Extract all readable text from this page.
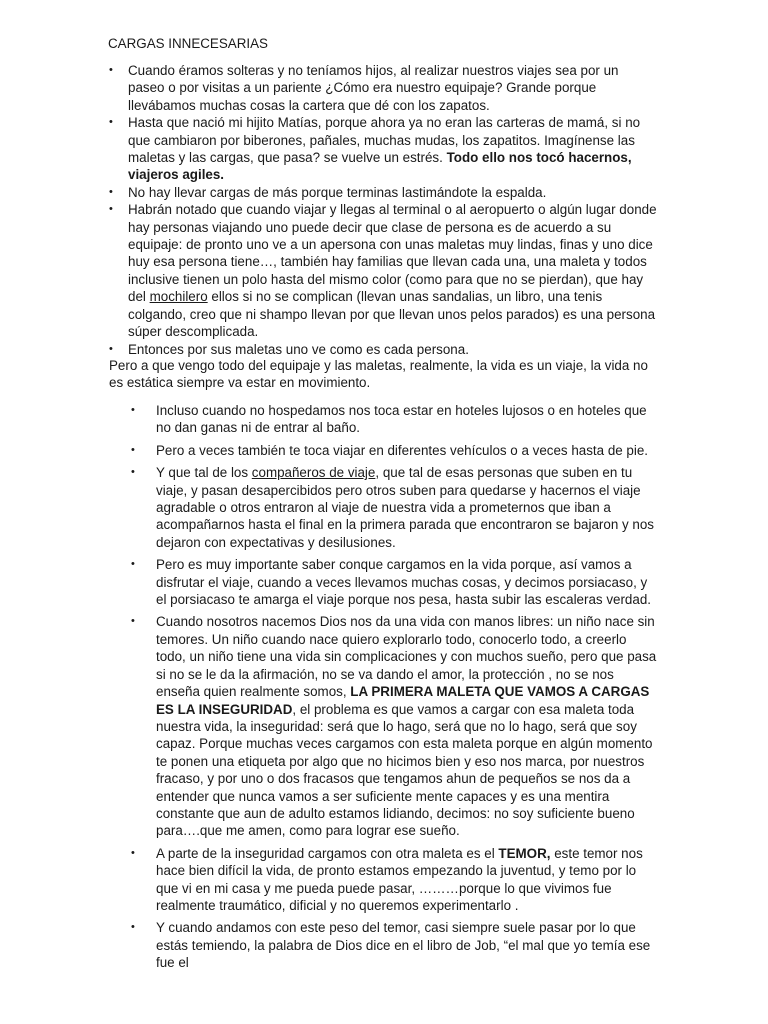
CARGAS INNECESARIAS
• Cuando éramos solteras y no teníamos hijos, al realizar nuestros viajes sea por un paseo o por visitas a un pariente ¿Cómo era nuestro equipaje? Grande porque llevábamos muchas cosas la cartera que dé con los zapatos.
• Hasta que nació mi hijito Matías, porque ahora ya no eran las carteras de mamá, si no que cambiaron por biberones, pañales, muchas mudas, los zapatitos. Imagínense las maletas y las cargas, que pasa? se vuelve un estrés. Todo ello nos tocó hacernos, viajeros agiles.
• No hay llevar cargas de más porque terminas lastimándote la espalda.
• Habrán notado que cuando viajar y llegas al terminal o al aeropuerto o algún lugar donde hay personas viajando uno puede decir que clase de persona es de acuerdo a su equipaje: de pronto uno ve a un apersona con unas maletas muy lindas, finas y uno dice huy esa persona tiene…, también hay familias que llevan cada una, una maleta y todos inclusive tienen un polo hasta del mismo color (como para que no se pierdan), que hay del mochilero ellos si no se complican (llevan unas sandalias, un libro, una tenis colgando, creo que ni shampo llevan por que llevan unos pelos parados) es una persona súper descomplicada.
• Entonces por sus maletas uno ve como es cada persona.

Pero a que vengo todo del equipaje y las maletas, realmente, la vida es un viaje, la vida no es estática siempre va estar en movimiento.

• Incluso cuando no hospedamos nos toca estar en hoteles lujosos o en hoteles que no dan ganas ni de entrar al baño.
• Pero a veces también te toca viajar en diferentes vehículos o a veces hasta de pie.
• Y que tal de los compañeros de viaje, que tal de esas personas que suben en tu viaje, y pasan desapercibidos pero otros suben para quedarse y hacernos el viaje agradable o otros entraron al viaje de nuestra vida a prometernos que iban a acompañarnos hasta el final en la primera parada que encontraron se bajaron y nos dejaron con expectativas y desilusiones.
• Pero es muy importante saber conque cargamos en la vida porque, así vamos a disfrutar el viaje, cuando a veces llevamos muchas cosas, y decimos porsiacaso, y el porsiacaso te amarga el viaje porque nos pesa, hasta subir las escaleras verdad.
• Cuando nosotros nacemos Dios nos da una vida con manos libres: un niño nace sin temores. Un niño cuando nace quiero explorarlo todo, conocerlo todo, a creerlo todo, un niño tiene una vida sin complicaciones y con muchos sueño, pero que pasa si no se le da la afirmación, no se va dando el amor, la protección , no se nos enseña quien realmente somos, LA PRIMERA MALETA QUE VAMOS A CARGAS ES LA INSEGURIDAD, el problema es que vamos a cargar con esa maleta toda nuestra vida, la inseguridad: será que lo hago, será que no lo hago, será que soy capaz. Porque muchas veces cargamos con esta maleta porque en algún momento te ponen una etiqueta por algo que no hicimos bien y eso nos marca, por nuestros fracaso, y por uno o dos fracasos que tengamos ahun de pequeños se nos da a entender que nunca vamos a ser suficiente mente capaces y es una mentira constante que aun de adulto estamos lidiando, decimos: no soy suficiente bueno para….que me amen, como para lograr ese sueño.
• A parte de la inseguridad cargamos con otra maleta es el TEMOR, este temor nos hace bien difícil la vida, de pronto estamos empezando la juventud, y temo por lo que vi en mi casa y me pueda puede pasar, ………porque lo que vivimos fue realmente traumático, dificial y no queremos experimentarlo .
• Y cuando andamos con este peso del temor, casi siempre suele pasar por lo que estás temiendo, la palabra de Dios dice en el libro de Job, “el mal que yo temía ese fue el
